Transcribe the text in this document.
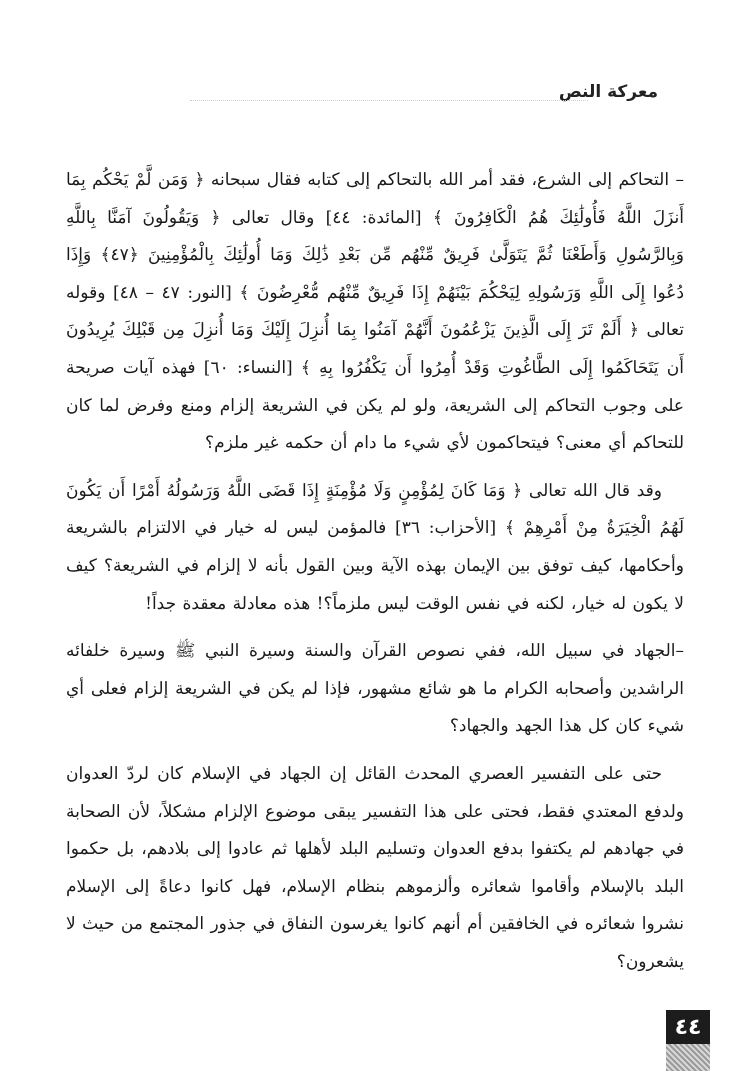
معركة النص

– التحاكم إلى الشرع، فقد أمر الله بالتحاكم إلى كتابه فقال سبحانه ﴿ وَمَن لَّمْ يَحْكُم بِمَا أَنزَلَ اللَّهُ فَأُولَٰئِكَ هُمُ الْكَافِرُونَ ﴾ [المائدة: ٤٤] وقال تعالى ﴿ وَيَقُولُونَ آمَنَّا بِاللَّهِ وَبِالرَّسُولِ وَأَطَعْنَا ثُمَّ يَتَوَلَّىٰ فَرِيقٌ مِّنْهُم مِّن بَعْدِ ذَٰلِكَ وَمَا أُولَٰئِكَ بِالْمُؤْمِنِينَ ﴿٤٧﴾ وَإِذَا دُعُوا إِلَى اللَّهِ وَرَسُولِهِ لِيَحْكُمَ بَيْنَهُمْ إِذَا فَرِيقٌ مِّنْهُم مُّعْرِضُونَ ﴾ [النور: ٤٧ – ٤٨] وقوله تعالى ﴿ أَلَمْ تَرَ إِلَى الَّذِينَ يَزْعُمُونَ أَنَّهُمْ آمَنُوا بِمَا أُنزِلَ إِلَيْكَ وَمَا أُنزِلَ مِن قَبْلِكَ يُرِيدُونَ أَن يَتَحَاكَمُوا إِلَى الطَّاغُوتِ وَقَدْ أُمِرُوا أَن يَكْفُرُوا بِهِ ﴾ [النساء: ٦٠] فهذه آيات صريحة على وجوب التحاكم إلى الشريعة، ولو لم يكن في الشريعة إلزام ومنع وفرض لما كان للتحاكم أي معنى؟ فيتحاكمون لأي شيء ما دام أن حكمه غير ملزم؟

وقد قال الله تعالى ﴿ وَمَا كَانَ لِمُؤْمِنٍ وَلَا مُؤْمِنَةٍ إِذَا قَضَى اللَّهُ وَرَسُولُهُ أَمْرًا أَن يَكُونَ لَهُمُ الْخِيَرَةُ مِنْ أَمْرِهِمْ ﴾ [الأحزاب: ٣٦] فالمؤمن ليس له خيار في الالتزام بالشريعة وأحكامها، كيف توفق بين الإيمان بهذه الآية وبين القول بأنه لا إلزام في الشريعة؟ كيف لا يكون له خيار، لكنه في نفس الوقت ليس ملزماً؟! هذه معادلة معقدة جداً!

–الجهاد في سبيل الله، ففي نصوص القرآن والسنة وسيرة النبي ﷺ وسيرة خلفائه الراشدين وأصحابه الكرام ما هو شائع مشهور، فإذا لم يكن في الشريعة إلزام فعلى أي شيء كان كل هذا الجهد والجهاد؟

حتى على التفسير العصري المحدث القائل إن الجهاد في الإسلام كان لردّ العدوان ولدفع المعتدي فقط، فحتى على هذا التفسير يبقى موضوع الإلزام مشكلاً، لأن الصحابة في جهادهم لم يكتفوا بدفع العدوان وتسليم البلد لأهلها ثم عادوا إلى بلادهم، بل حكموا البلد بالإسلام وأقاموا شعائره وألزموهم بنظام الإسلام، فهل كانوا دعاةً إلى الإسلام نشروا شعائره في الخافقين أم أنهم كانوا يغرسون النفاق في جذور المجتمع من حيث لا يشعرون؟

٤٤
